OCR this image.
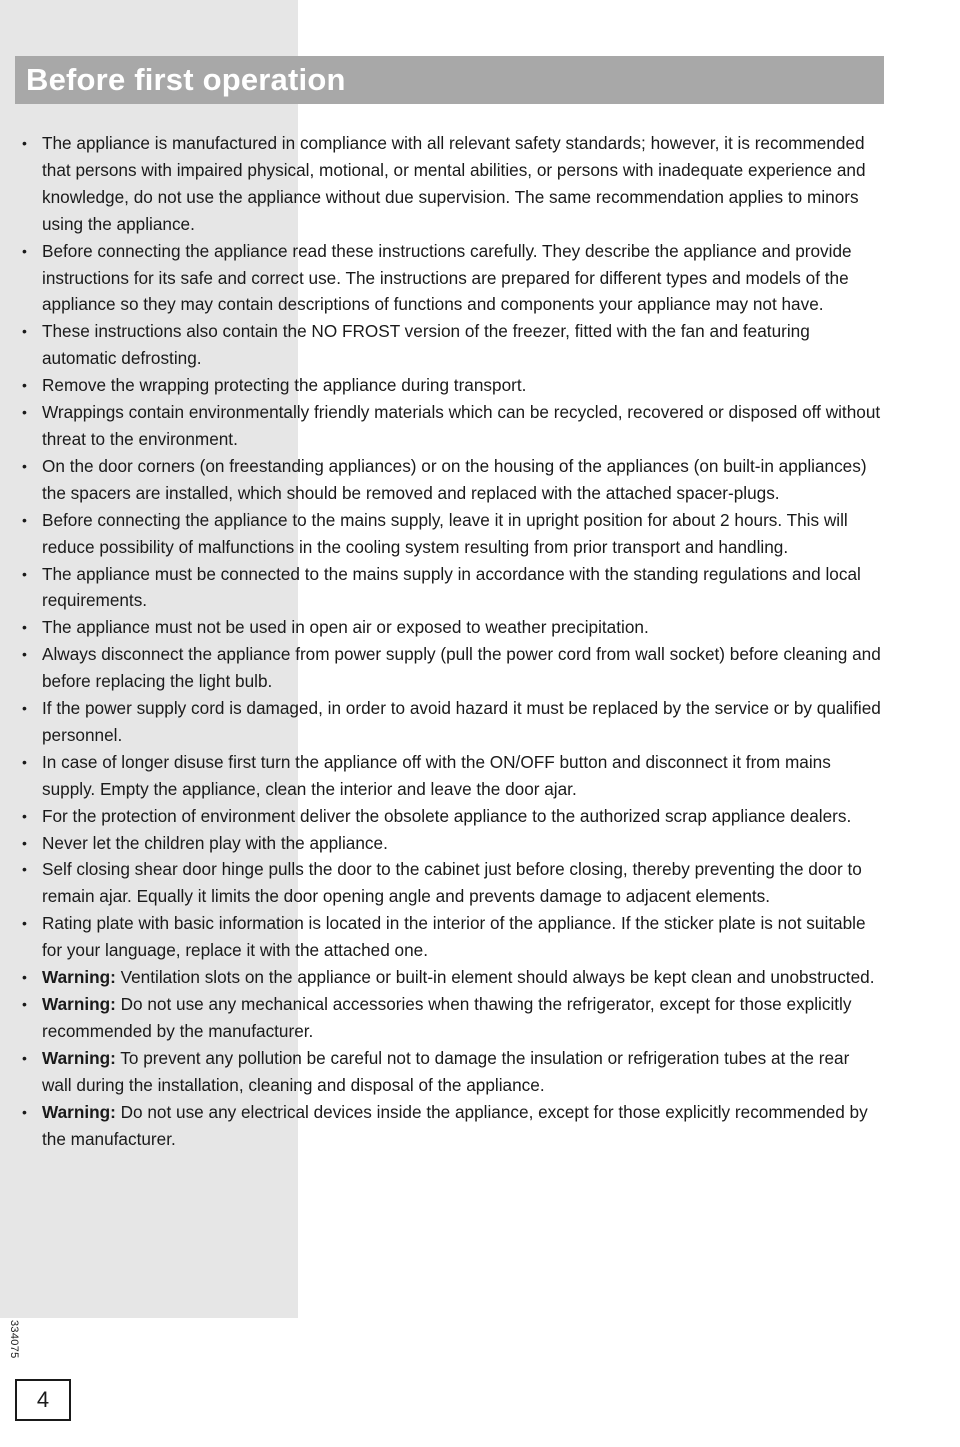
Before first operation
• The appliance is manufactured in compliance with all relevant safety standards; however, it is recommended that persons with impaired physical, motional, or mental abilities, or persons with inadequate experience and knowledge, do not use the appliance without due supervision. The same recommendation applies to minors using the appliance.
• Before connecting the appliance read these instructions carefully. They describe the appliance and provide instructions for its safe and correct use. The instructions are prepared for different types and models of the appliance so they may contain descriptions of functions and components your appliance may not have.
• These instructions also contain the NO FROST version of the freezer, fitted with the fan and featuring automatic defrosting.
• Remove the wrapping protecting the appliance during transport.
• Wrappings contain environmentally friendly materials which can be recycled, recovered or disposed off without threat to the environment.
• On the door corners (on freestanding appliances) or on the housing of the appliances (on built-in appliances) the spacers are installed, which should be removed and replaced with the attached spacer-plugs.
• Before connecting the appliance to the mains supply, leave it in upright position for about 2 hours. This will reduce possibility of malfunctions in the cooling system resulting from prior transport and handling.
• The appliance must be connected to the mains supply in accordance with the standing regulations and local requirements.
• The appliance must not be used in open air or exposed to weather precipitation.
• Always disconnect the appliance from power supply (pull the power cord from wall socket) before cleaning and before replacing the light bulb.
• If the power supply cord is damaged, in order to avoid hazard it must be replaced by the service or by qualified personnel.
• In case of longer disuse first turn the appliance off with the ON/OFF button and disconnect it from mains supply. Empty the appliance, clean the interior and leave the door ajar.
• For the protection of environment deliver the obsolete appliance to the authorized scrap appliance dealers.
• Never let the children play with the appliance.
• Self closing shear door hinge pulls the door to the cabinet just before closing, thereby preventing the door to remain ajar. Equally it limits the door opening angle and prevents damage to adjacent elements.
• Rating plate with basic information is located in the interior of the appliance. If the sticker plate is not suitable for your language, replace it with the attached one.
• Warning: Ventilation slots on the appliance or built-in element should always be kept clean and unobstructed.
• Warning: Do not use any mechanical accessories when thawing the refrigerator, except for those explicitly recommended by the manufacturer.
• Warning: To prevent any pollution be careful not to damage the insulation or refrigeration tubes at the rear wall during the installation, cleaning and disposal of the appliance.
• Warning: Do not use any electrical devices inside the appliance, except for those explicitly recommended by the manufacturer.
334075
4
